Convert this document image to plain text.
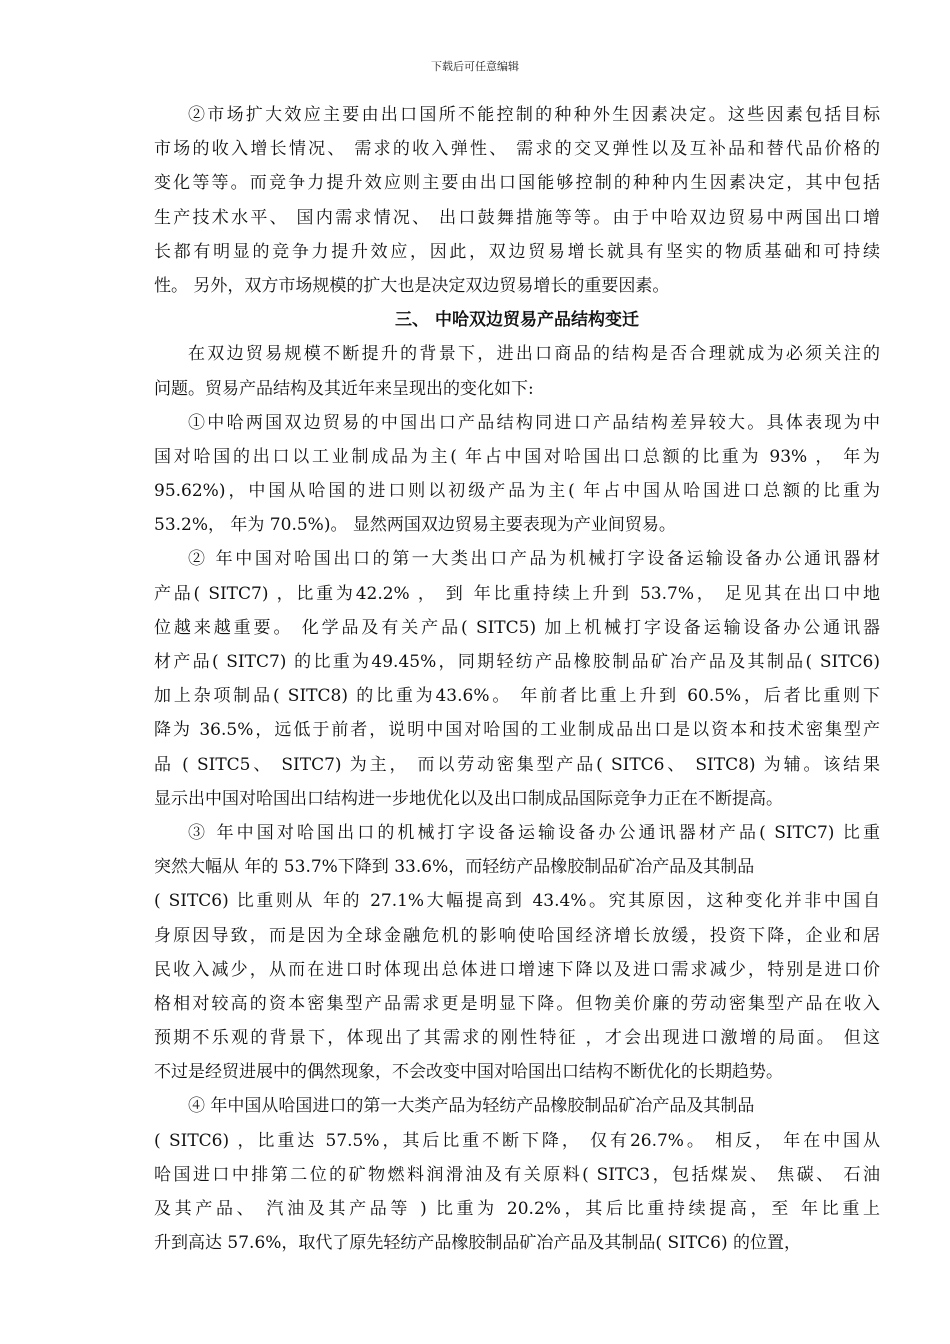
下载后可任意编辑
②市场扩大效应主要由出口国所不能控制的种种外生因素决定。这些因素包括目标
市场的收入增长情况、 需求的收入弹性、 需求的交叉弹性以及互补品和替代品价格的
变化等等。而竞争力提升效应则主要由出口国能够控制的种种内生因素决定，其中包括
生产技术水平、 国内需求情况、 出口鼓舞措施等等。由于中哈双边贸易中两国出口增
长都有明显的竞争力提升效应，因此，双边贸易增长就具有坚实的物质基础和可持续
性。 另外，双方市场规模的扩大也是决定双边贸易增长的重要因素。
三、 中哈双边贸易产品结构变迁
在双边贸易规模不断提升的背景下，进出口商品的结构是否合理就成为必须关注的
问题。贸易产品结构及其近年来呈现出的变化如下:
①中哈两国双边贸易的中国出口产品结构同进口产品结构差异较大。具体表现为中
国对哈国的出口以工业制成品为主( 年占中国对哈国出口总额的比重为 93% ， 年为
95.62%)，中国从哈国的进口则以初级产品为主( 年占中国从哈国进口总额的比重为
53.2%， 年为 70.5%)。 显然两国双边贸易主要表现为产业间贸易。
② 年中国对哈国出口的第一大类出口产品为机械打字设备运输设备办公通讯器材
产品( SITC7) ，比重为42.2% ， 到 年比重持续上升到 53.7%， 足见其在出口中地
位越来越重要。 化学品及有关产品( SITC5) 加上机械打字设备运输设备办公通讯器
材产品( SITC7) 的比重为49.45%，同期轻纺产品橡胶制品矿冶产品及其制品( SITC6)
加上杂项制品( SITC8) 的比重为43.6%。 年前者比重上升到 60.5%，后者比重则下
降为 36.5%，远低于前者，说明中国对哈国的工业制成品出口是以资本和技术密集型产
品 ( SITC5、 SITC7) 为主， 而以劳动密集型产品( SITC6、 SITC8) 为辅。该结果
显示出中国对哈国出口结构进一步地优化以及出口制成品国际竞争力正在不断提高。
③ 年中国对哈国出口的机械打字设备运输设备办公通讯器材产品( SITC7) 比重
突然大幅从 年的 53.7%下降到 33.6%，而轻纺产品橡胶制品矿冶产品及其制品
( SITC6) 比重则从 年的 27.1%大幅提高到 43.4%。究其原因，这种变化并非中国自
身原因导致，而是因为全球金融危机的影响使哈国经济增长放缓，投资下降，企业和居
民收入减少，从而在进口时体现出总体进口增速下降以及进口需求减少，特别是进口价
格相对较高的资本密集型产品需求更是明显下降。但物美价廉的劳动密集型产品在收入
预期不乐观的背景下，体现出了其需求的刚性特征 ，才会出现进口激增的局面。 但这
不过是经贸进展中的偶然现象，不会改变中国对哈国出口结构不断优化的长期趋势。
④ 年中国从哈国进口的第一大类产品为轻纺产品橡胶制品矿冶产品及其制品
( SITC6) ，比重达 57.5%，其后比重不断下降， 仅有26.7%。 相反， 年在中国从
哈国进口中排第二位的矿物燃料润滑油及有关原料( SITC3，包括煤炭、 焦碳、 石油
及其产品、 汽油及其产品等 ) 比重为 20.2%，其后比重持续提高，至 年比重上
升到高达 57.6%，取代了原先轻纺产品橡胶制品矿冶产品及其制品( SITC6) 的位置，
